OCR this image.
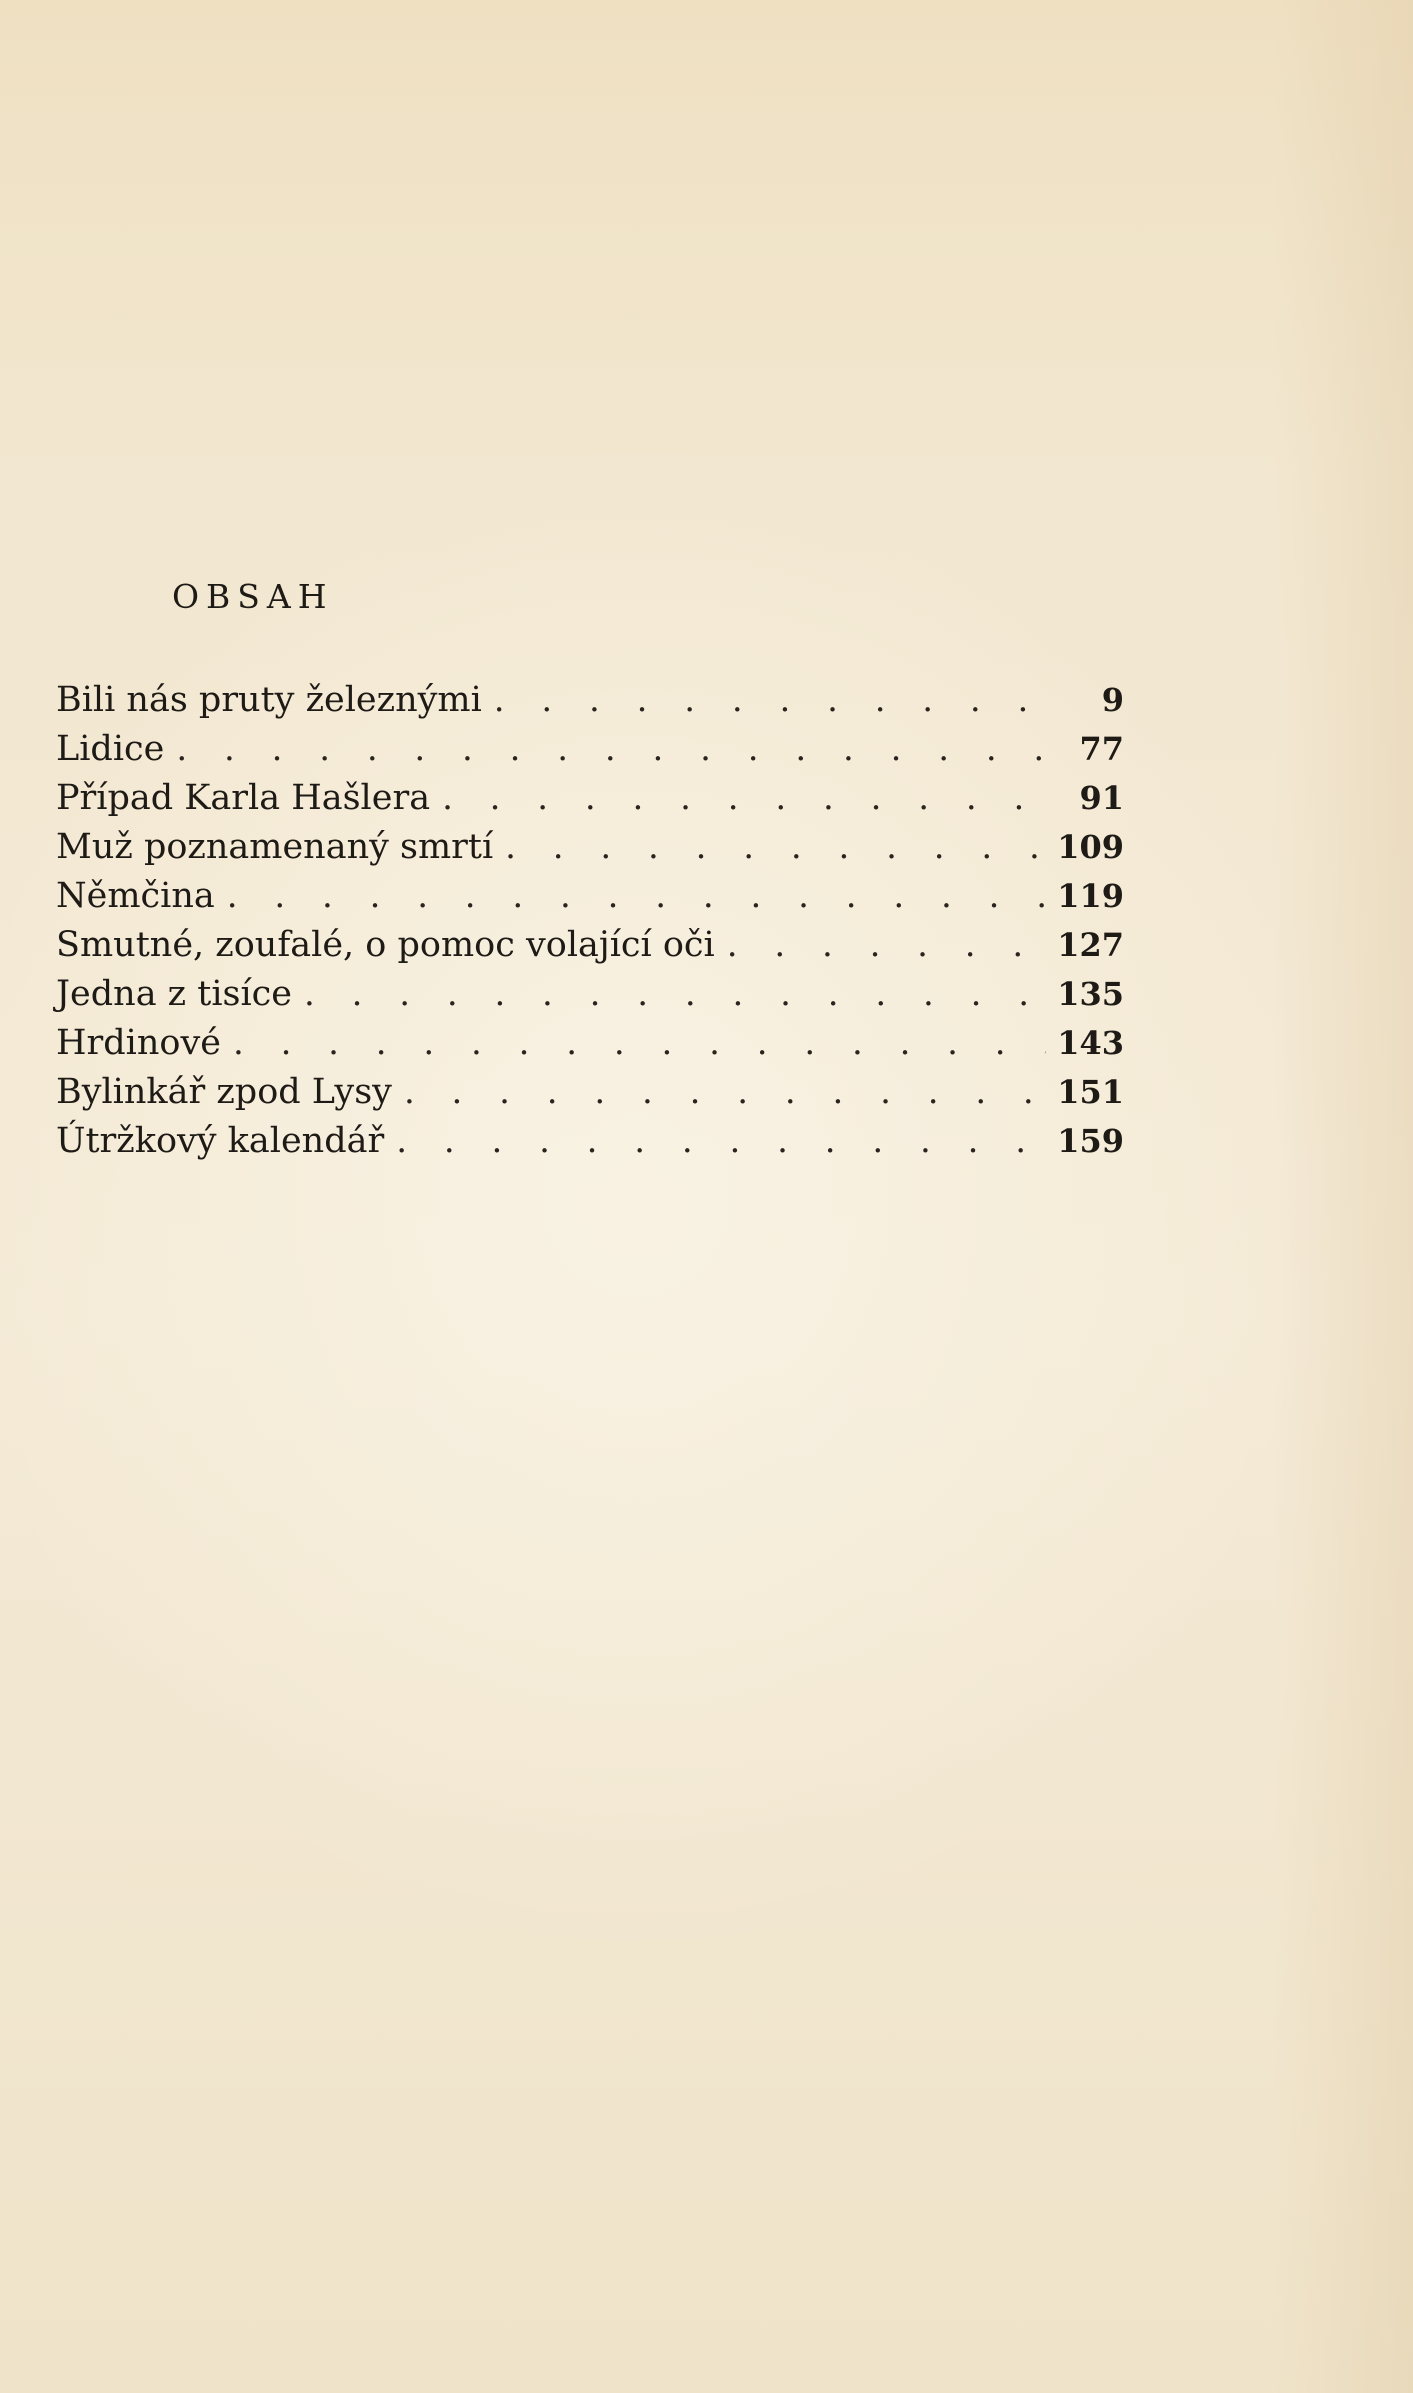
OBSAH
Bili nás pruty železnými . . .	9
Lidice . . .	77
Případ Karla Hašlera . . .	91
Muž poznamenaný smrtí . . .	109
Němčina . . .	119
Smutné, zoufalé, o pomoc volající oči . . .	127
Jedna z tisíce . . .	135
Hrdinové . . .	143
Bylinkář zpod Lysy . . .	151
Útržkový kalendář . . .	159
